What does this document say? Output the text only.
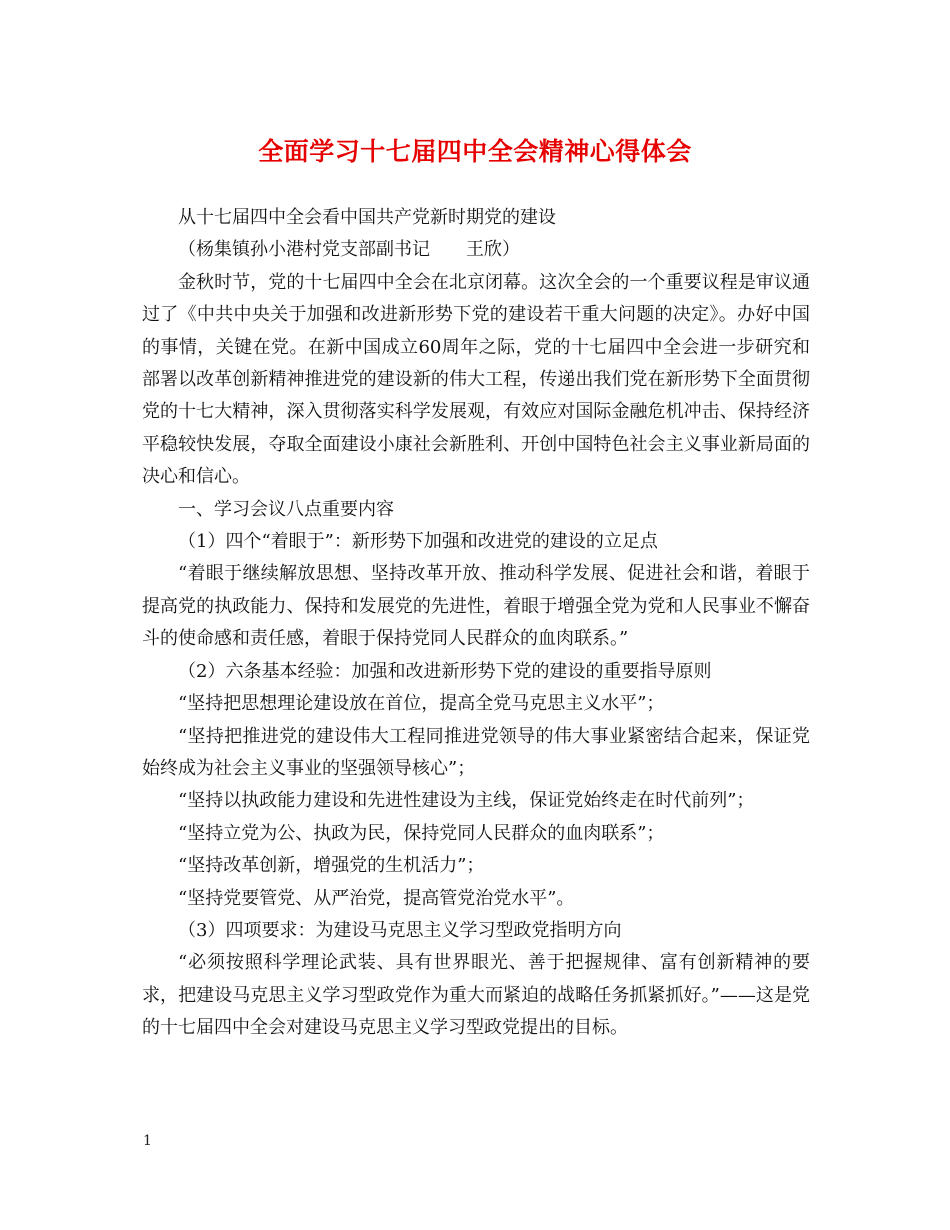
全面学习十七届四中全会精神心得体会

从十七届四中全会看中国共产党新时期党的建设

（杨集镇孙小港村党支部副书记　　王欣）

金秋时节，党的十七届四中全会在北京闭幕。这次全会的一个重要议程是审议通过了《中共中央关于加强和改进新形势下党的建设若干重大问题的决定》。办好中国的事情，关键在党。在新中国成立60周年之际，党的十七届四中全会进一步研究和部署以改革创新精神推进党的建设新的伟大工程，传递出我们党在新形势下全面贯彻党的十七大精神，深入贯彻落实科学发展观，有效应对国际金融危机冲击、保持经济平稳较快发展，夺取全面建设小康社会新胜利、开创中国特色社会主义事业新局面的决心和信心。

一、学习会议八点重要内容

（1）四个“着眼于”：新形势下加强和改进党的建设的立足点

“着眼于继续解放思想、坚持改革开放、推动科学发展、促进社会和谐，着眼于提高党的执政能力、保持和发展党的先进性，着眼于增强全党为党和人民事业不懈奋斗的使命感和责任感，着眼于保持党同人民群众的血肉联系。”

（2）六条基本经验：加强和改进新形势下党的建设的重要指导原则

“坚持把思想理论建设放在首位，提高全党马克思主义水平”；

“坚持把推进党的建设伟大工程同推进党领导的伟大事业紧密结合起来，保证党始终成为社会主义事业的坚强领导核心”；

“坚持以执政能力建设和先进性建设为主线，保证党始终走在时代前列”；

“坚持立党为公、执政为民，保持党同人民群众的血肉联系”；

“坚持改革创新，增强党的生机活力”；

“坚持党要管党、从严治党，提高管党治党水平”。

（3）四项要求：为建设马克思主义学习型政党指明方向

“必须按照科学理论武装、具有世界眼光、善于把握规律、富有创新精神的要求，把建设马克思主义学习型政党作为重大而紧迫的战略任务抓紧抓好。”——这是党的十七届四中全会对建设马克思主义学习型政党提出的目标。

1
